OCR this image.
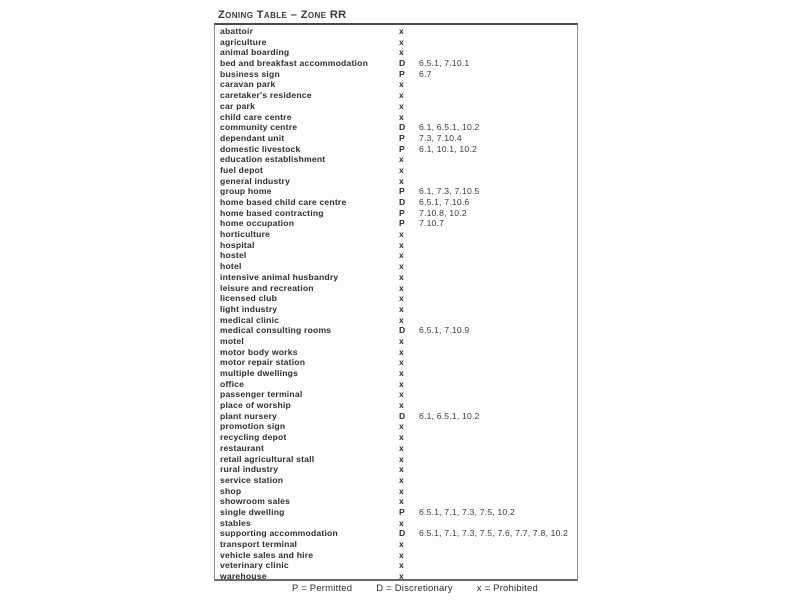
Zoning Table – Zone RR
abattoir	x
agriculture	x
animal boarding	x
bed and breakfast accommodation	D	6.5.1, 7.10.1
business sign	P	6.7
caravan park	x
caretaker's residence	x
car park	x
child care centre	x
community centre	D	6.1, 6.5.1, 10.2
dependant unit	P	7.3, 7.10.4
domestic livestock	P	6.1, 10.1, 10.2
education establishment	x
fuel depot	x
general industry	x
group home	P	6.1, 7.3, 7.10.5
home based child care centre	D	6.5.1, 7.10.6
home based contracting	P	7.10.8, 10.2
home occupation	P	7.10.7
horticulture	x
hospital	x
hostel	x
hotel	x
intensive animal husbandry	x
leisure and recreation	x
licensed club	x
light industry	x
medical clinic	x
medical consulting rooms	D	6.5.1, 7.10.9
motel	x
motor body works	x
motor repair station	x
multiple dwellings	x
office	x
passenger terminal	x
place of worship	x
plant nursery	D	6.1, 6.5.1, 10.2
promotion sign	x
recycling depot	x
restaurant	x
retail agricultural stall	x
rural industry	x
service station	x
shop	x
showroom sales	x
single dwelling	P	6.5.1, 7.1, 7.3, 7.5, 10.2
stables	x
supporting accommodation	D	6.5.1, 7.1, 7.3, 7.5, 7.6, 7.7, 7.8, 10.2
transport terminal	x
vehicle sales and hire	x
veterinary clinic	x
warehouse	x
P = Permitted	D = Discretionary	x = Prohibited
